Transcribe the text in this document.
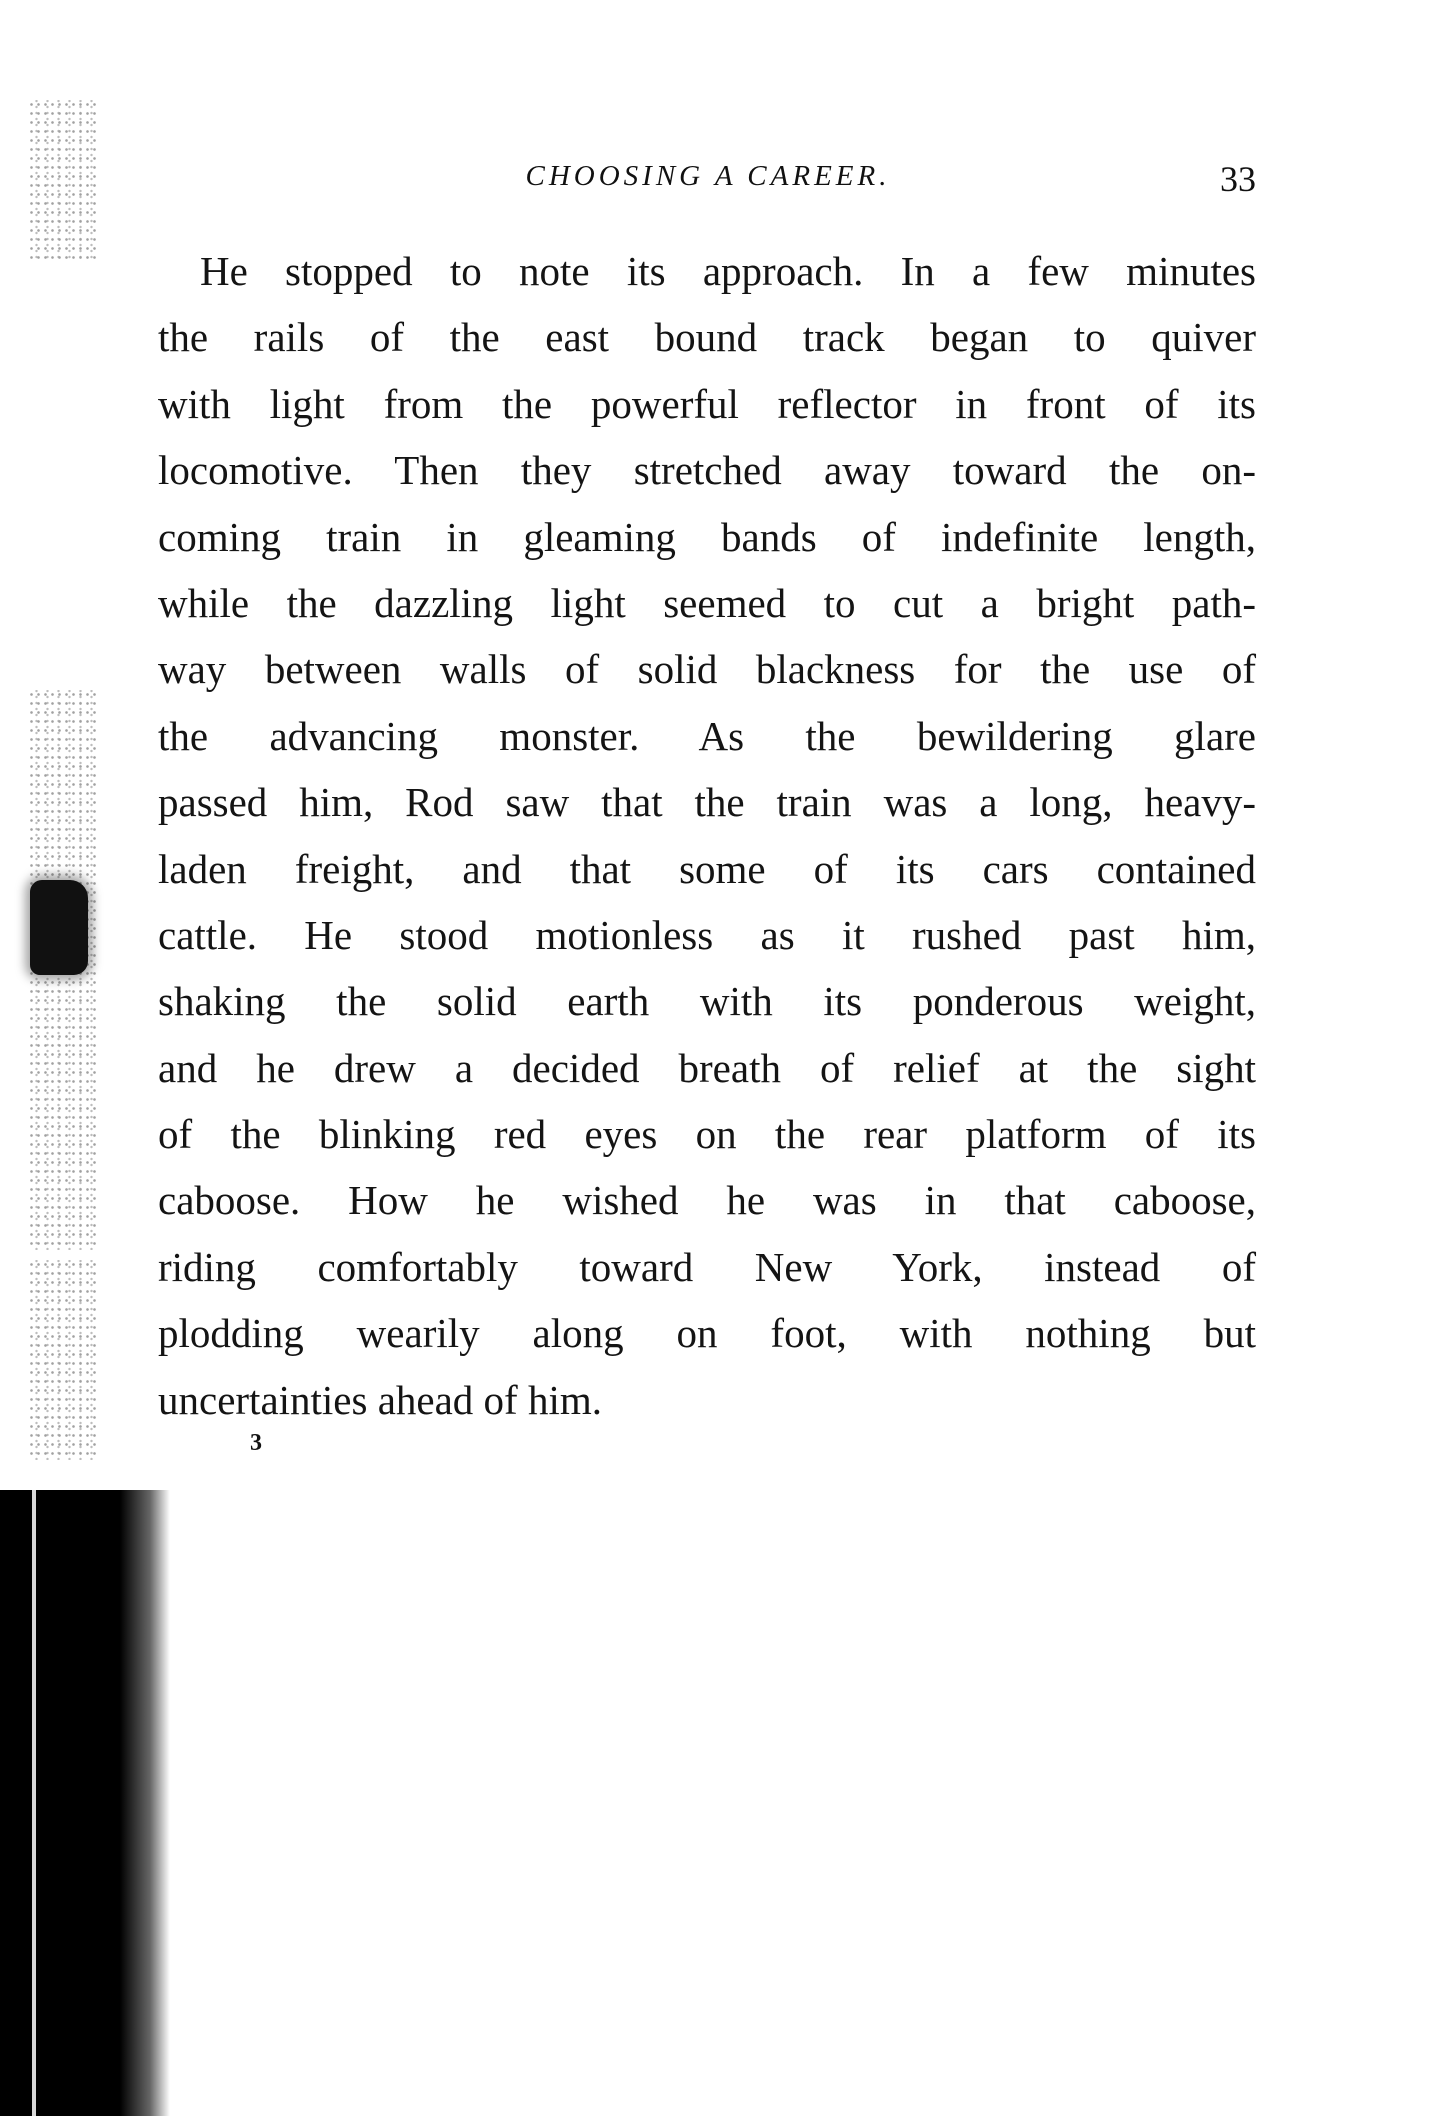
CHOOSING A CAREER.	33
He stopped to note its approach. In a few minutes
the rails of the east bound track began to quiver
with light from the powerful reflector in front of its
locomotive. Then they stretched away toward the on-
coming train in gleaming bands of indefinite length,
while the dazzling light seemed to cut a bright path-
way between walls of solid blackness for the use of
the advancing monster. As the bewildering glare
passed him, Rod saw that the train was a long, heavy-
laden freight, and that some of its cars contained
cattle. He stood motionless as it rushed past him,
shaking the solid earth with its ponderous weight,
and he drew a decided breath of relief at the sight
of the blinking red eyes on the rear platform of its
caboose. How he wished he was in that caboose,
riding comfortably toward New York, instead of
plodding wearily along on foot, with nothing but
uncertainties ahead of him.
3
